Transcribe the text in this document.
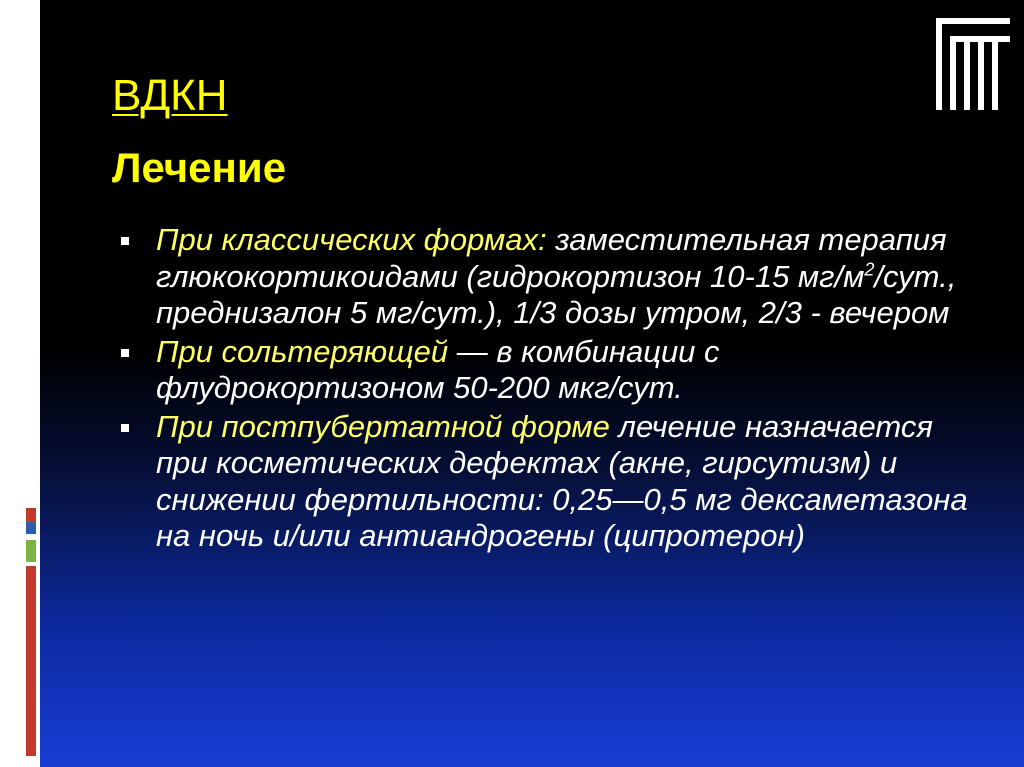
ВДКН
Лечение
При классических формах: заместительная терапия глюкокортикоидами (гидрокортизон 10-15 $мг/м^2$/сут., преднизалон 5 мг/сут.), 1/3 дозы утром, 2/3 - вечером
При сольтеряющей — в комбинации с флудрокортизоном 50-200 мкг/сут.
При постпубертатной форме лечение назначается при косметических дефектах (акне, гирсутизм) и снижении фертильности: 0,25—0,5 мг дексаметазона на ночь и/или антиандрогены (ципротерон)
